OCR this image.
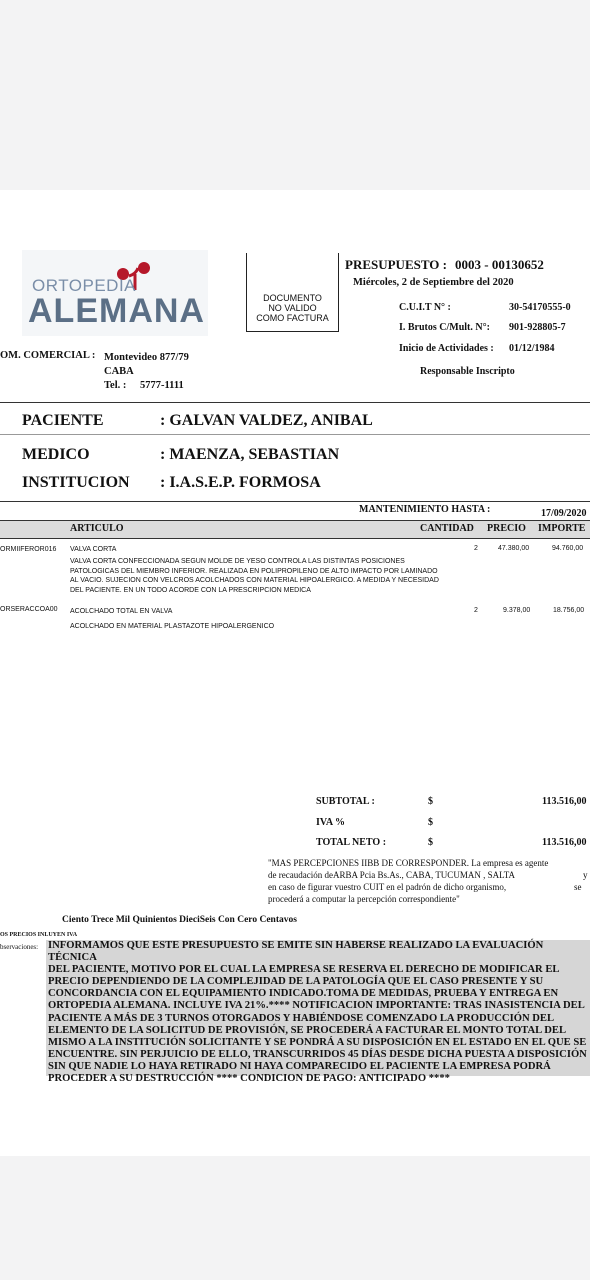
ORTOPEDIA
ALEMANA	DOCUMENTO
NO VALIDO
COMO FACTURA
PRESUPUESTO : 0003 - 00130652
Miércoles, 2 de Septiembre del 2020
C.U.I.T N° :	30-54170555-0
I. Brutos C/Mult. N°: 901-928805-7
Inicio de Actividades : 01/12/1984
Responsable Inscripto
OM. COMERCIAL : Montevideo 877/79
CABA
Tel. : 5777-1111
PACIENTE	: GALVAN VALDEZ, ANIBAL
MEDICO	: MAENZA, SEBASTIAN
INSTITUCION : I.A.S.E.P. FORMOSA
MANTENIMIENTO HASTA :	17/09/2020
ARTICULO	CANTIDAD PRECIO IMPORTE
ORMIIFEROR016 VALVA CORTA	2	47.380,00	94.760,00
VALVA CORTA CONFECCIONADA SEGUN MOLDE DE YESO CONTROLA LAS DISTINTAS POSICIONES PATOLOGICAS DEL MIEMBRO INFERIOR. REALIZADA EN POLIPROPILENO DE ALTO IMPACTO POR LAMINADO AL VACIO. SUJECION CON VELCROS ACOLCHADOS CON MATERIAL HIPOALERGICO. A MEDIDA Y NECESIDAD DEL PACIENTE. EN UN TODO ACORDE CON LA PRESCRIPCION MEDICA
ORSERACCOA00 ACOLCHADO TOTAL EN VALVA	2	9.378,00	18.756,00
ACOLCHADO EN MATERIAL PLASTAZOTE HIPOALERGENICO
SUBTOTAL :	$	113.516,00
IVA %	$
TOTAL NETO :	$	113.516,00
"MAS PERCEPCIONES IIBB DE CORRESPONDER. La empresa es agente
de recaudación deARBA Pcia Bs.As., CABA, TUCUMAN , SALTA	y
en caso de figurar vuestro CUIT en el padrón de dicho organismo,	se
procederá a computar la percepción correspondiente"
Ciento Trece Mil Quinientos DieciSeis Con Cero Centavos
OS PRECIOS INLUYEN IVA
bservaciones: INFORMAMOS QUE ESTE PRESUPUESTO SE EMITE SIN HABERSE REALIZADO LA EVALUACIÓN TÉCNICA
DEL PACIENTE, MOTIVO POR EL CUAL LA EMPRESA SE RESERVA EL DERECHO DE MODIFICAR EL
PRECIO DEPENDIENDO DE LA COMPLEJIDAD DE LA PATOLOGÍA QUE EL CASO PRESENTE Y SU
CONCORDANCIA CON EL EQUIPAMIENTO INDICADO.TOMA DE MEDIDAS, PRUEBA Y ENTREGA EN
ORTOPEDIA ALEMANA. INCLUYE IVA 21%.**** NOTIFICACION IMPORTANTE: TRAS INASISTENCIA DEL
PACIENTE A MÁS DE 3 TURNOS OTORGADOS Y HABIÉNDOSE COMENZADO LA PRODUCCIÓN DEL
ELEMENTO DE LA SOLICITUD DE PROVISIÓN, SE PROCEDERÁ A FACTURAR EL MONTO TOTAL DEL
MISMO A LA INSTITUCIÓN SOLICITANTE Y SE PONDRÁ A SU DISPOSICIÓN EN EL ESTADO EN EL QUE SE
ENCUENTRE. SIN PERJUICIO DE ELLO, TRANSCURRIDOS 45 DÍAS DESDE DICHA PUESTA A DISPOSICIÓN
SIN QUE NADIE LO HAYA RETIRADO NI HAYA COMPARECIDO EL PACIENTE LA EMPRESA PODRÁ
PROCEDER A SU DESTRUCCIÓN **** CONDICION DE PAGO: ANTICIPADO ****
